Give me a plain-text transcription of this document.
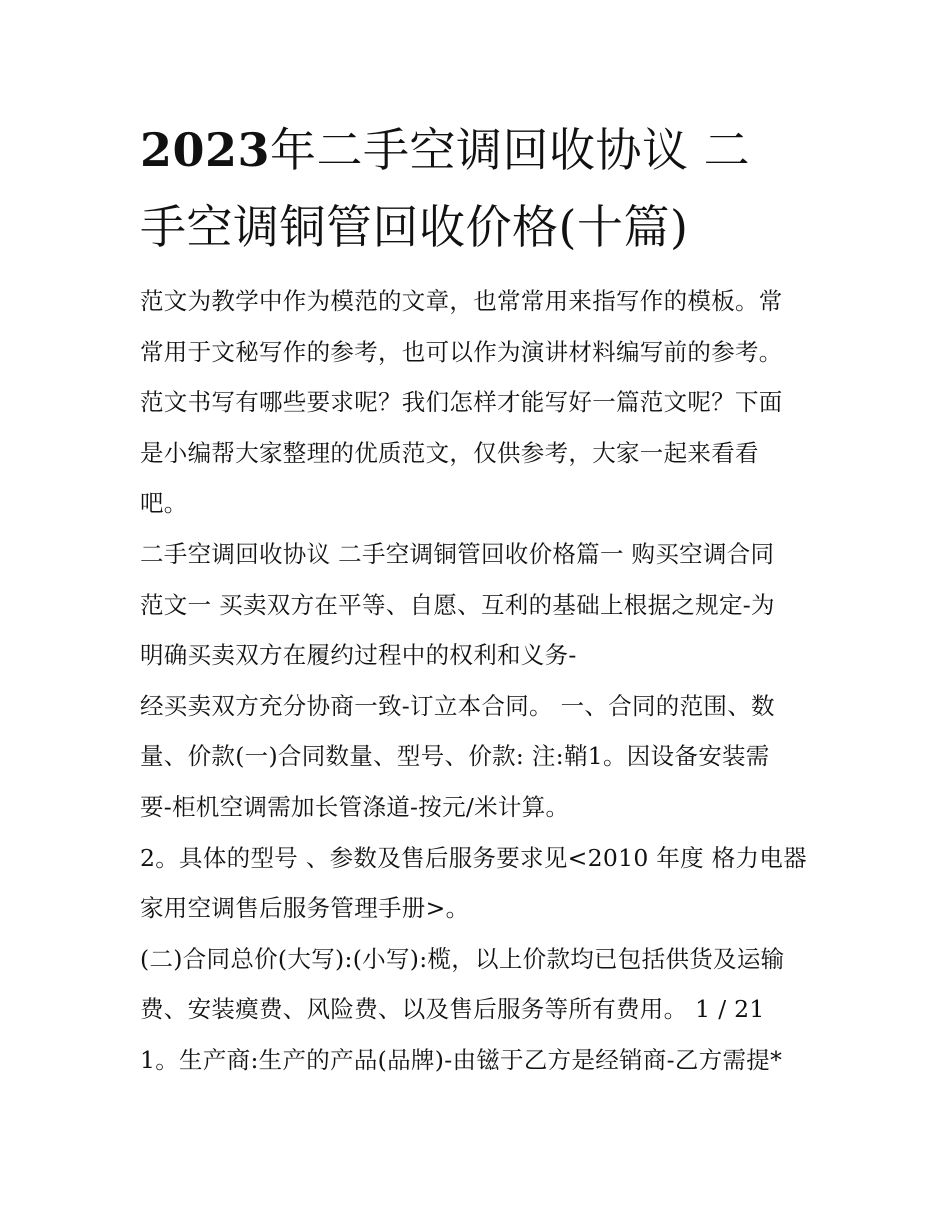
2023年二手空调回收协议 二
手空调铜管回收价格(十篇)

范文为教学中作为模范的文章，也常常用来指写作的模板。常
常用于文秘写作的参考，也可以作为演讲材料编写前的参考。
范文书写有哪些要求呢？我们怎样才能写好一篇范文呢？下面
是小编帮大家整理的优质范文，仅供参考，大家一起来看看
吧。

二手空调回收协议 二手空调铜管回收价格篇一 购买空调合同
范文一 买卖双方在平等、自愿、互利的基础上根据之规定-为
明确买卖双方在履约过程中的权利和义务-

经买卖双方充分协商一致-订立本合同。 一、合同的范围、数
量、价款(一)合同数量、型号、价款: 注:鞘1。因设备安装需
要-柜机空调需加长管涤道-按元/米计算。

2。具体的型号 、参数及售后服务要求见<2010 年度 格力电器
家用空调售后服务管理手册>。

(二)合同总价(大写):(小写):榄，以上价款均已包括供货及运输
费、安装瘼费、风险费、以及售后服务等所有费用。 1 / 21

1。生产商:生产的产品(品牌)-由镃于乙方是经销商-乙方需提*
